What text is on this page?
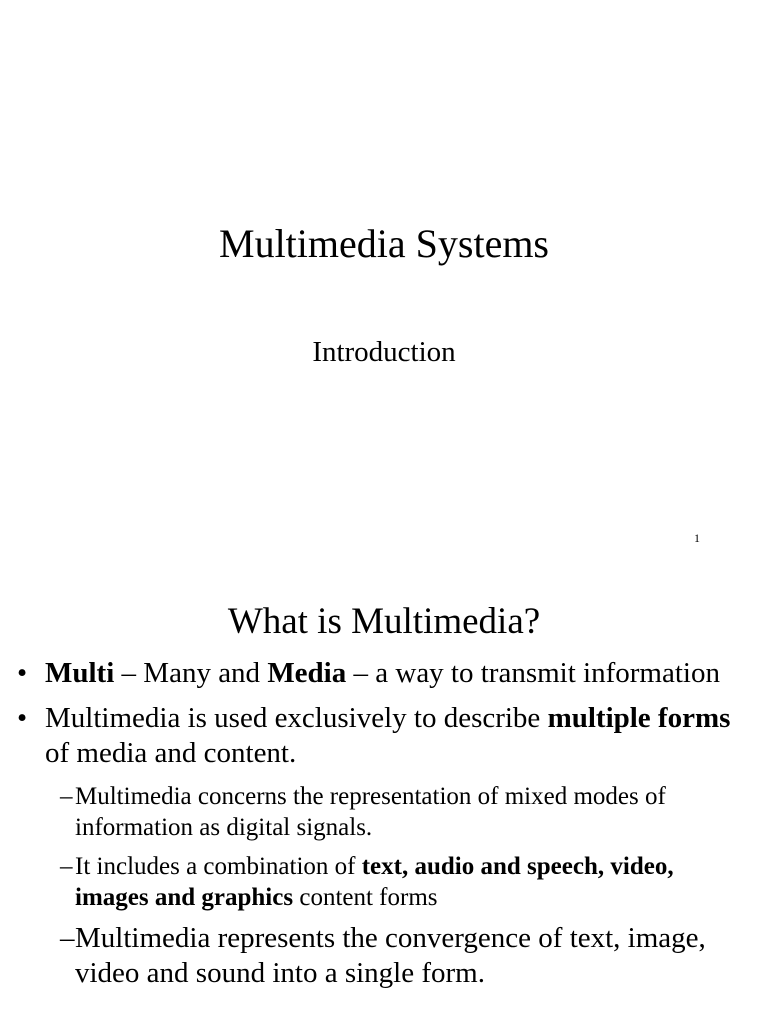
Multimedia Systems
Introduction
1
What is Multimedia?
• Multi – Many and Media – a way to transmit information
• Multimedia is used exclusively to describe multiple forms of media and content.
– Multimedia concerns the representation of mixed modes of information as digital signals.
– It includes a combination of text, audio and speech, video, images and graphics content forms
– Multimedia represents the convergence of text, image, video and sound into a single form.
